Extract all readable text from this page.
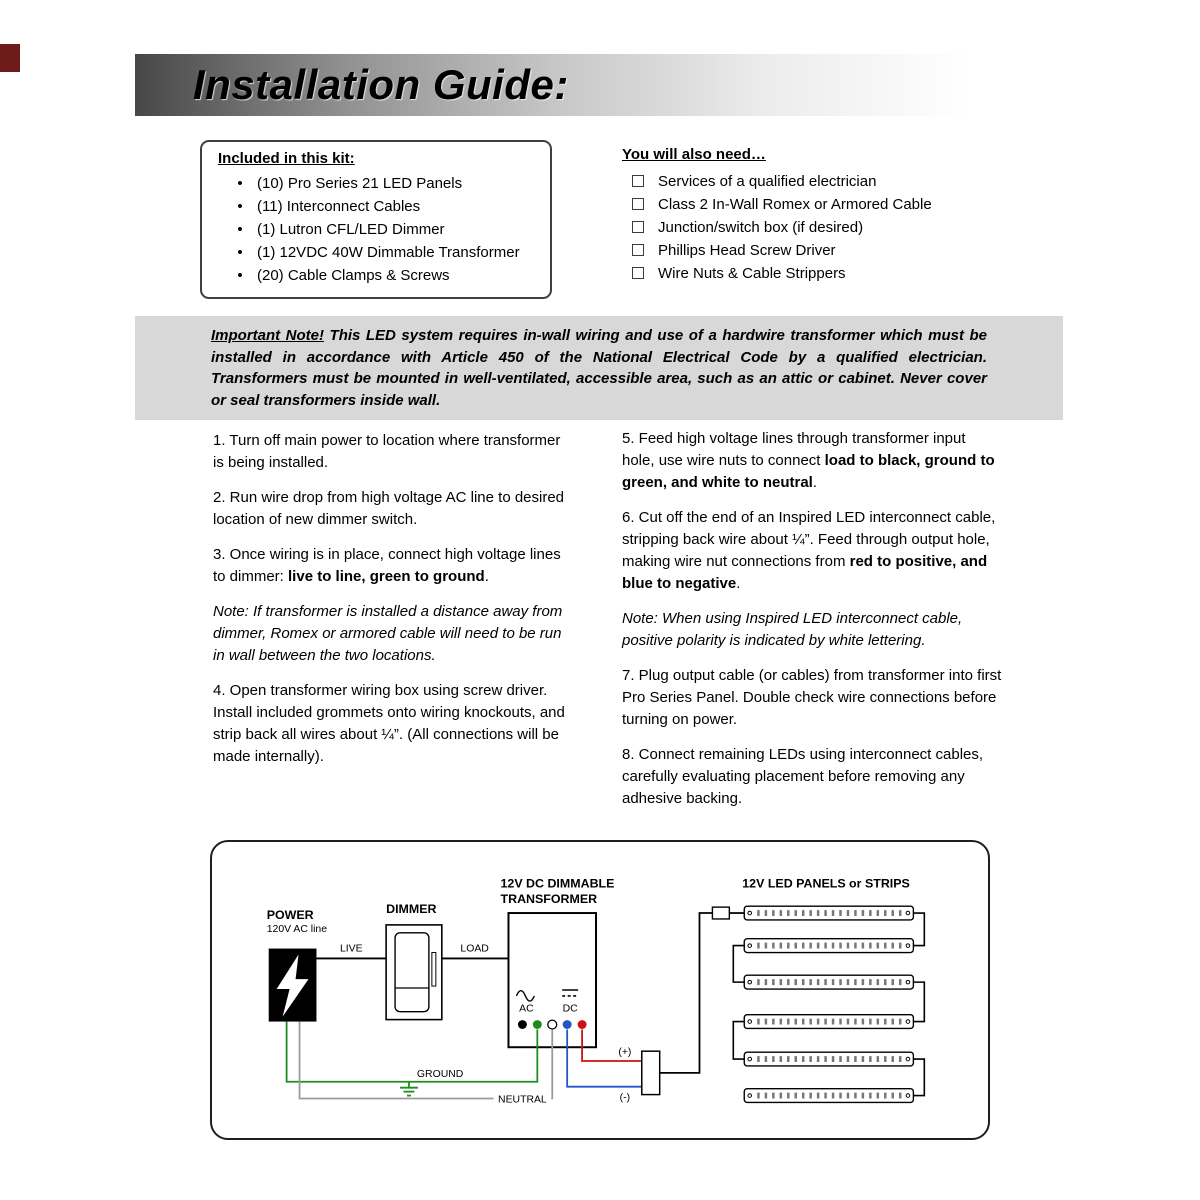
Installation Guide:
Included in this kit:
• (10) Pro Series 21 LED Panels
• (11) Interconnect Cables
• (1) Lutron CFL/LED Dimmer
• (1) 12VDC 40W Dimmable Transformer
• (20) Cable Clamps & Screws
You will also need…
Services of a qualified electrician
Class 2 In-Wall Romex or Armored Cable
Junction/switch box (if desired)
Phillips Head Screw Driver
Wire Nuts & Cable Strippers

Important Note! This LED system requires in-wall wiring and use of a hardwire transformer which must be installed in accordance with Article 450 of the National Electrical Code by a qualified electrician. Transformers must be mounted in well-ventilated, accessible area, such as an attic or cabinet. Never cover or seal transformers inside wall.

1. Turn off main power to location where transformer is being installed.

2. Run wire drop from high voltage AC line to desired location of new dimmer switch.

3. Once wiring is in place, connect high voltage lines to dimmer: live to line, green to ground.

Note: If transformer is installed a distance away from dimmer, Romex or armored cable will need to be run in wall between the two locations.

4. Open transformer wiring box using screw driver. Install included grommets onto wiring knockouts, and strip back all wires about ¼”. (All connections will be made internally).

5. Feed high voltage lines through transformer input hole, use wire nuts to connect load to black, ground to green, and white to neutral.

6. Cut off the end of an Inspired LED interconnect cable, stripping back wire about ¼”. Feed through output hole, making wire nut connections from red to positive, and blue to negative.

Note: When using Inspired LED interconnect cable, positive polarity is indicated by white lettering.

7. Plug output cable (or cables) from transformer into first Pro Series Panel. Double check wire connections before turning on power.

8. Connect remaining LEDs using interconnect cables, carefully evaluating placement before removing any adhesive backing.

POWER
120V AC line
DIMMER
LIVE	LOAD
12V DC DIMMABLE
TRANSFORMER
AC	DC
GROUND
NEUTRAL
(+)
(-)
12V LED PANELS or STRIPS
